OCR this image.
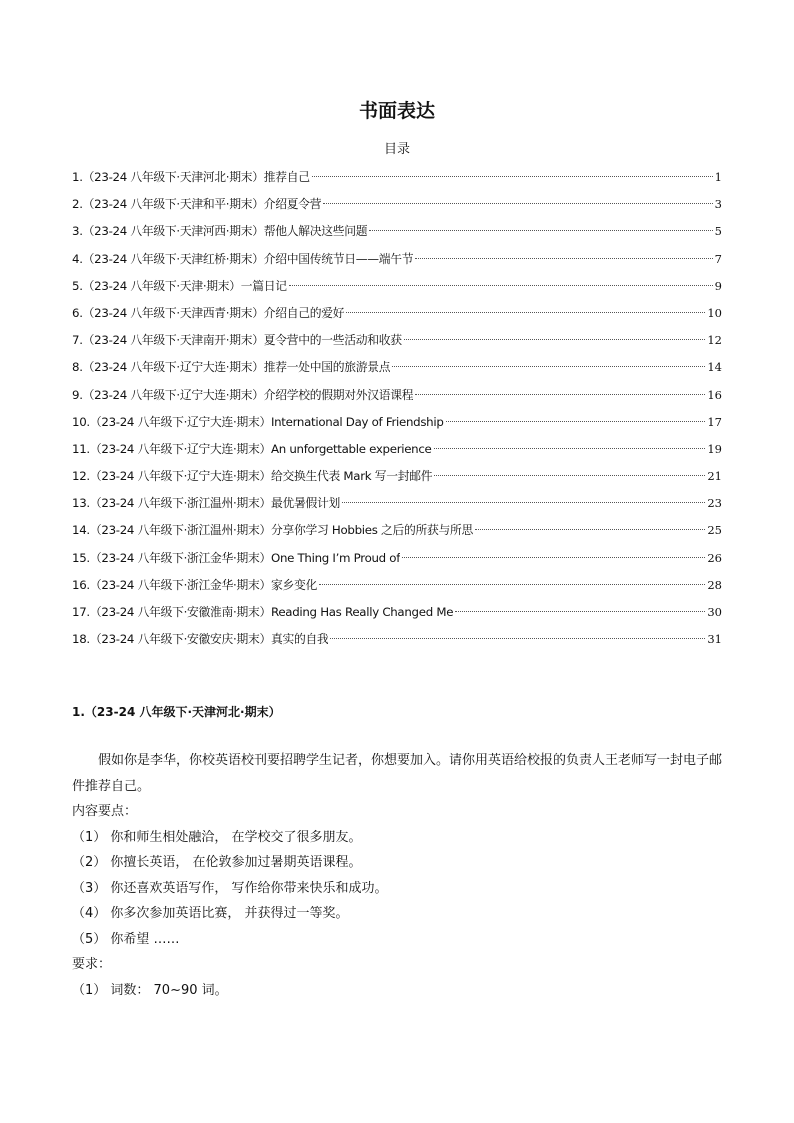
书面表达
目录
1.（23-24 八年级下·天津河北·期末）推荐自己	1
2.（23-24 八年级下·天津和平·期末）介绍夏令营	3
3.（23-24 八年级下·天津河西·期末）帮他人解决这些问题	5
4.（23-24 八年级下·天津红桥·期末）介绍中国传统节日——端午节	7
5.（23-24 八年级下·天津·期末）一篇日记	9
6.（23-24 八年级下·天津西青·期末）介绍自己的爱好	10
7.（23-24 八年级下·天津南开·期末）夏令营中的一些活动和收获	12
8.（23-24 八年级下·辽宁大连·期末）推荐一处中国的旅游景点	14
9.（23-24 八年级下·辽宁大连·期末）介绍学校的假期对外汉语课程	16
10.（23-24 八年级下·辽宁大连·期末）International Day of Friendship	17
11.（23-24 八年级下·辽宁大连·期末）An unforgettable experience	19
12.（23-24 八年级下·辽宁大连·期末）给交换生代表 Mark 写一封邮件	21
13.（23-24 八年级下·浙江温州·期末）最优暑假计划	23
14.（23-24 八年级下·浙江温州·期末）分享你学习 Hobbies 之后的所获与所思	25
15.（23-24 八年级下·浙江金华·期末）One Thing I’m Proud of	26
16.（23-24 八年级下·浙江金华·期末）家乡变化	28
17.（23-24 八年级下·安徽淮南·期末）Reading Has Really Changed Me	30
18.（23-24 八年级下·安徽安庆·期末）真实的自我	31
1.（23-24 八年级下·天津河北·期末）

假如你是李华，你校英语校刊要招聘学生记者，你想要加入。请你用英语给校报的负责人王老师写一封电子邮件推荐自己。

内容要点：

（1） 你和师生相处融洽， 在学校交了很多朋友。

（2） 你擅长英语， 在伦敦参加过暑期英语课程。

（3） 你还喜欢英语写作， 写作给你带来快乐和成功。

（4） 你多次参加英语比赛， 并获得过一等奖。

（5） 你希望 ……

要求：

（1） 词数： 70~90 词。
